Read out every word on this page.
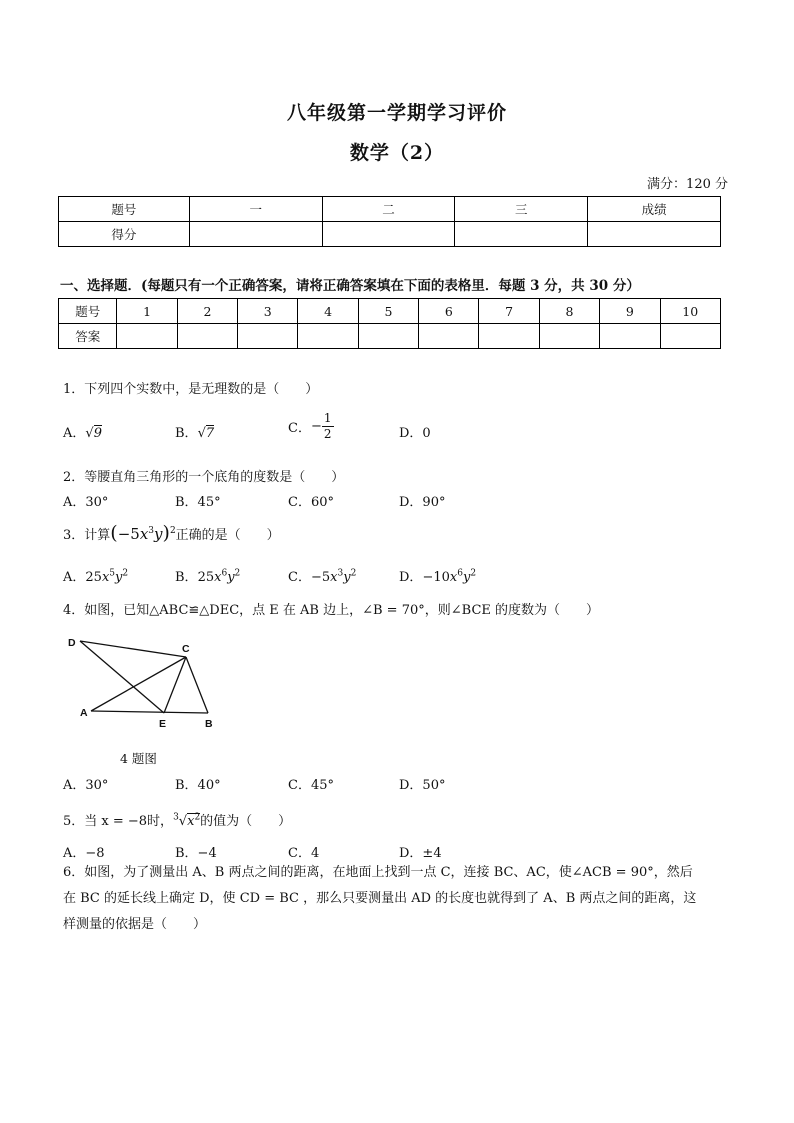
八年级第一学期学习评价
数学（2）
满分：120 分
题号	一	二	三	成绩
得分				
一、选择题．(每题只有一个正确答案，请将正确答案填在下面的表格里．每题 3 分，共 30 分）
题号	1	2	3	4	5	6	7	8	9	10
答案										
1．下列四个实数中，是无理数的是（　　）
A．√9	B．√7	C．− $\frac{1}{2}$	D．0
2．等腰直角三角形的一个底角的度数是（　　）
A．30°	B．45°	C．60°	D．90°
3．计算$(-5x^3y)^2$正确的是（　　）
A．$25x^5y^2$	B．$25x^6y^2$	C．$-5x^3y^2$	D．$-10x^6y^2$
4．如图，已知△ABC≌△DEC，点 E 在 AB 边上，∠B = 70°，则∠BCE 的度数为（　　）
D	C
A
E	B
4 题图
A．30°	B．40°	C．45°	D．50°
5．当 x = −8时，$^3√x^2$的值为（　　）
A．−8	B．−4	C．4	D．±4
6．如图，为了测量出 A、B 两点之间的距离，在地面上找到一点 C，连接 BC、AC，使∠ACB = 90°，然后
在 BC 的延长线上确定 D，使 CD = BC ，那么只要测量出 AD 的长度也就得到了 A、B 两点之间的距离，这
样测量的依据是（　　）
